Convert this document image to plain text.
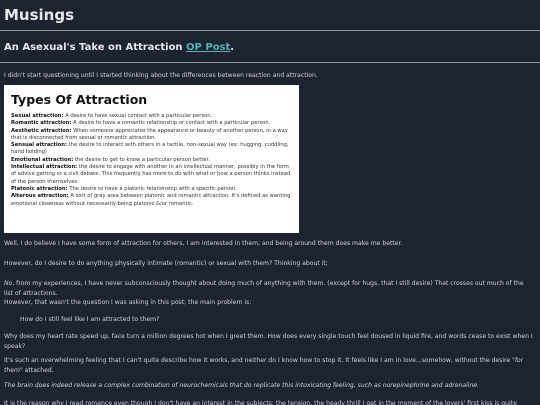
Musings
An Asexual's Take on Attraction OP Post.
I didn't start questioning until I started thinking about the differences between reaction and attraction.
Types Of Attraction
Sexual attraction: A desire to have sexual contact with a particular person.
Romantic attraction: A desire to have a romantic relationship or contact with a particular person.
Aesthetic attraction: When someone appreciates the appearance or beauty of another person, in a way that is disconnected from sexual or romantic attraction.
Sensual attraction: the desire to interact with others in a tactile, non-sexual way (ex: hugging, cuddling, hand holding)
Emotional attraction: the desire to get to know a particular person better.
Intellectual attraction: the desire to engage with another in an intellectual manner, possibly in the form of advice getting or a civil debate. This frequently has more to do with what or how a person thinks instead of the person themselves.
Platonic attraction: The desire to have a platonic relationship with a specific person.
Alterous attraction: A sort of gray area between platonic and romantic attraction. It's defined as wanting emotional closeness without necessarily being platonic &/or romantic.
Well, I do believe I have some form of attraction for others, I am interested in them, and being around them does make me better.
However, do I desire to do anything physically intimate (romantic) or sexual with them? Thinking about it;
No, from my experiences, I have never subconsciously thought about doing much of anything with them. (except for hugs, that I still desire) That crosses out much of the list of attractions.
However, that wasn't the question I was asking in this post; the main problem is:
How do I still feel like I am attracted to them?
Why does my heart rate speed up, face turn a million degrees hot when I greet them. How does every single touch feel doused in liquid fire, and words cease to exist when I speak?
It's such an overwhelming feeling that I can't quite describe how it works, and neither do I know how to stop it. It feels like I am in love...somehow, without the desire "for them" attached.
The brain does indeed release a complex combination of neurochemicals that do replicate this intoxicating feeling, such as norepinephrine and adrenaline.
It is the reason why I read romance even though I don't have an interest in the subjects: the tension, the heady thrill I get in the moment of the lovers' first kiss is quite
